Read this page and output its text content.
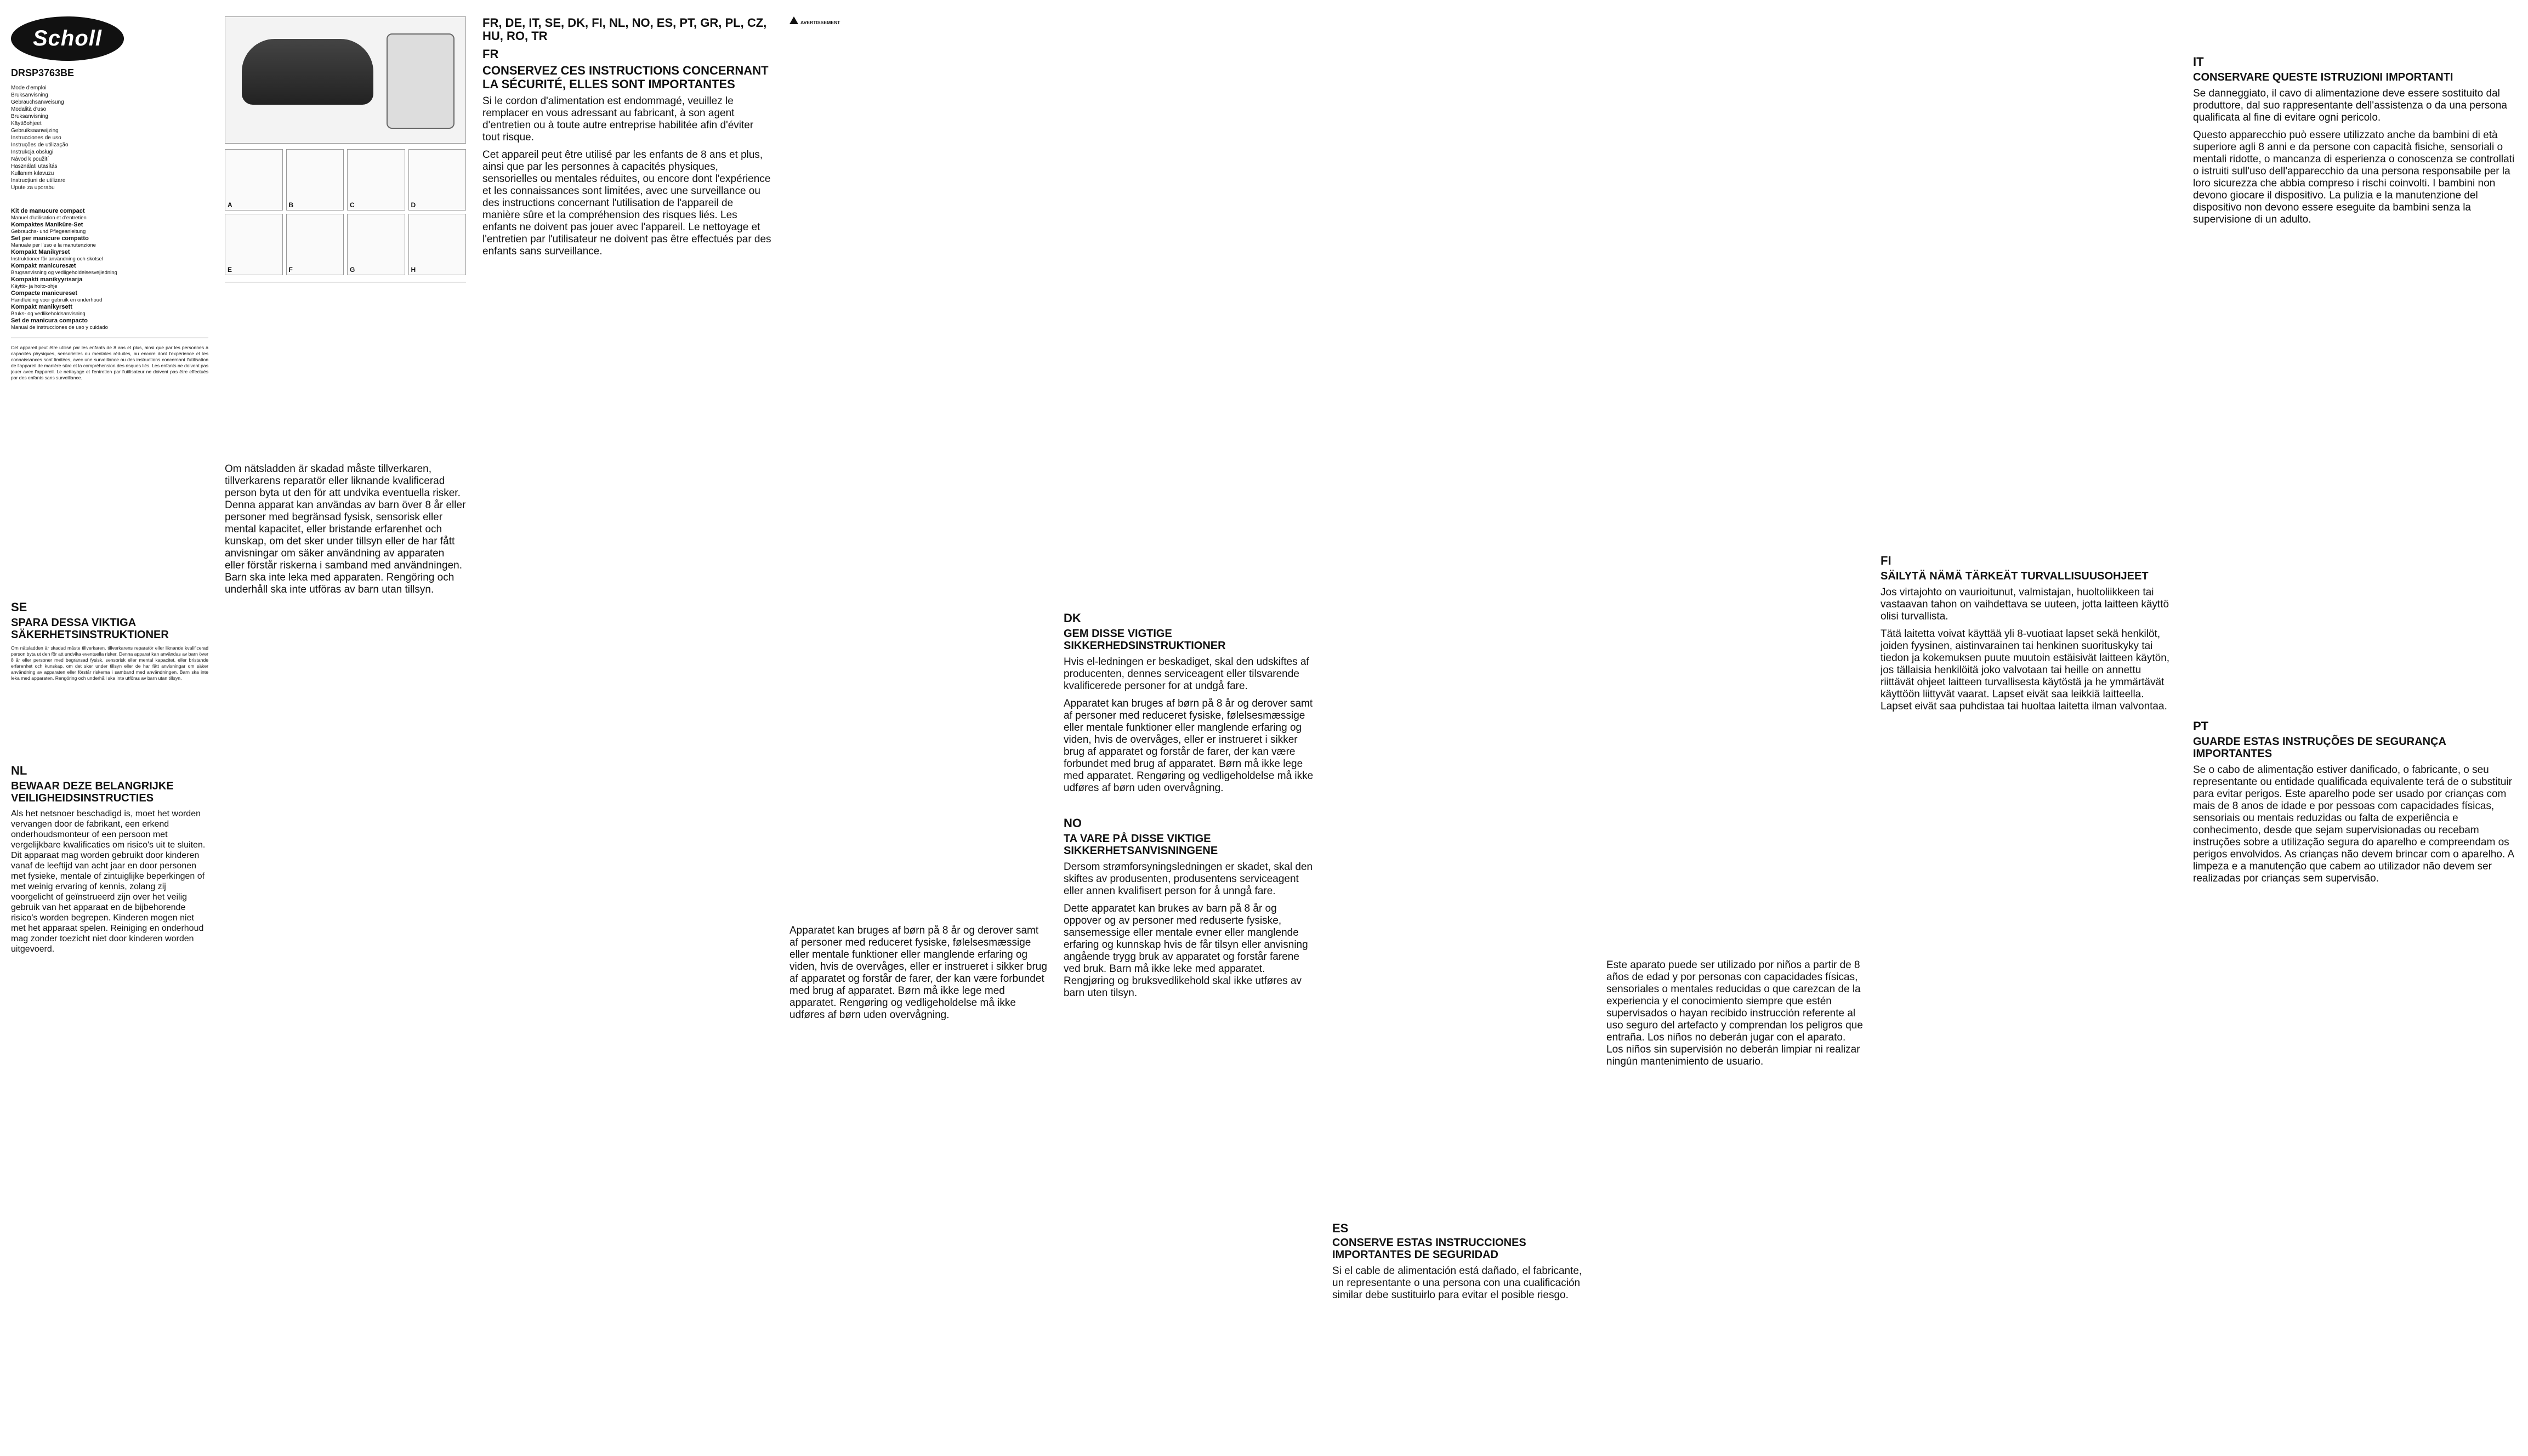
Scholl
DRSP3763BE
Mode d'emploi
Bruksanvisning
Gebrauchsanweisung
Modalità d'uso
Bruksanvisning
Käyttöohjeet
Gebruiksaanwijzing
Instrucciones de uso
Instruções de utilização
Instrukcja obsługi
Návod k použití
Használati utasítás
Kullanım kılavuzu
Instrucțiuni de utilizare
Upute za uporabu
Kit de manucure compact
Manuel d'utilisation et d'entretien
Kompaktes Maniküre-Set
Gebrauchs- und Pflegeanleitung
Set per manicure compatto
Manuale per l'uso e la manutenzione
Kompakt Manikyrset
Instruktioner för användning och skötsel
Kompakt manicuresæt
Brugsanvisning og vedligeholdelsesvejledning
Kompakti manikyyrisarja
Käyttö- ja hoito-ohje
Compacte manicureset
Handleiding voor gebruik en onderhoud
Kompakt manikyrsett
Bruks- og vedlikeholdsanvisning
Set de manicura compacto
Manual de instrucciones de uso y cuidado
Cet appareil peut être utilisé par les enfants de 8 ans et plus, ainsi que par les personnes à capacités physiques, sensorielles ou mentales réduites, ou encore dont l'expérience et les connaissances sont limitées, avec une surveillance ou des instructions concernant l'utilisation de l'appareil de manière sûre et la compréhension des risques liés. Les enfants ne doivent pas jouer avec l'appareil. Le nettoyage et l'entretien par l'utilisateur ne doivent pas être effectués par des enfants sans surveillance.
SE
SPARA DESSA VIKTIGA SÄKERHETSINSTRUKTIONER
Om nätsladden är skadad måste tillverkaren, tillverkarens reparatör eller liknande kvalificerad person byta ut den för att undvika eventuella risker. Denna apparat kan användas av barn över 8 år eller personer med begränsad fysisk, sensorisk eller mental kapacitet, eller bristande erfarenhet och kunskap, om det sker under tillsyn eller de har fått anvisningar om säker användning av apparaten eller förstår riskerna i samband med användningen. Barn ska inte leka med apparaten. Rengöring och underhåll ska inte utföras av barn utan tillsyn.
NL
BEWAAR DEZE BELANGRIJKE VEILIGHEIDSINSTRUCTIES
Als het netsnoer beschadigd is, moet het worden vervangen door de fabrikant, een erkend onderhoudsmonteur of een persoon met vergelijkbare kwalificaties om risico's uit te sluiten. Dit apparaat mag worden gebruikt door kinderen vanaf de leeftijd van acht jaar en door personen met fysieke, mentale of zintuiglijke beperkingen of met weinig ervaring of kennis, zolang zij voorgelicht of geïnstrueerd zijn over het veilig gebruik van het apparaat en de bijbehorende risico's worden begrepen. Kinderen mogen niet met het apparaat spelen. Reiniging en onderhoud mag zonder toezicht niet door kinderen worden uitgevoerd.
A	B	C	D
E	F	G	H
Om nätsladden är skadad måste tillverkaren, tillverkarens reparatör eller liknande kvalificerad person byta ut den för att undvika eventuella risker. Denna apparat kan användas av barn över 8 år eller personer med begränsad fysisk, sensorisk eller mental kapacitet, eller bristande erfarenhet och kunskap, om det sker under tillsyn eller de har fått anvisningar om säker användning av apparaten eller förstår riskerna i samband med användningen. Barn ska inte leka med apparaten. Rengöring och underhåll ska inte utföras av barn utan tillsyn.
FR, DE, IT, SE, DK, FI, NL, NO, ES, PT, GR, PL, CZ, HU, RO, TR
FR
CONSERVEZ CES INSTRUCTIONS CONCERNANT LA SÉCURITÉ, ELLES SONT IMPORTANTES
Si le cordon d'alimentation est endommagé, veuillez le remplacer en vous adressant au fabricant, à son agent d'entretien ou à toute autre entreprise habilitée afin d'éviter tout risque.
Cet appareil peut être utilisé par les enfants de 8 ans et plus, ainsi que par les personnes à capacités physiques, sensorielles ou mentales réduites, ou encore dont l'expérience et les connaissances sont limitées, avec une surveillance ou des instructions concernant l'utilisation de l'appareil de manière sûre et la compréhension des risques liés. Les enfants ne doivent pas jouer avec l'appareil. Le nettoyage et l'entretien par l'utilisateur ne doivent pas être effectués par des enfants sans surveillance.

AVERTISSEMENT

Apparatet kan bruges af børn på 8 år og derover samt af personer med reduceret fysiske, følelsesmæssige eller mentale funktioner eller manglende erfaring og viden, hvis de overvåges, eller er instrueret i sikker brug af apparatet og forstår de farer, der kan være forbundet med brug af apparatet. Børn må ikke lege med apparatet. Rengøring og vedligeholdelse må ikke udføres af børn uden overvågning.
DK
GEM DISSE VIGTIGE SIKKERHEDSINSTRUKTIONER
Hvis el-ledningen er beskadiget, skal den udskiftes af producenten, dennes serviceagent eller tilsvarende kvalificerede personer for at undgå fare.
Apparatet kan bruges af børn på 8 år og derover samt af personer med reduceret fysiske, følelsesmæssige eller mentale funktioner eller manglende erfaring og viden, hvis de overvåges, eller er instrueret i sikker brug af apparatet og forstår de farer, der kan være forbundet med brug af apparatet. Børn må ikke lege med apparatet. Rengøring og vedligeholdelse må ikke udføres af børn uden overvågning.
NO
TA VARE PÅ DISSE VIKTIGE SIKKERHETSANVISNINGENE
Dersom strømforsyningsledningen er skadet, skal den skiftes av produsenten, produsentens serviceagent eller annen kvalifisert person for å unngå fare.
Dette apparatet kan brukes av barn på 8 år og oppover og av personer med reduserte fysiske, sansemessige eller mentale evner eller manglende erfaring og kunnskap hvis de får tilsyn eller anvisning angående trygg bruk av apparatet og forstår farene ved bruk. Barn må ikke leke med apparatet. Rengjøring og bruksvedlikehold skal ikke utføres av barn uten tilsyn.
ES
CONSERVE ESTAS INSTRUCCIONES IMPORTANTES DE SEGURIDAD
Si el cable de alimentación está dañado, el fabricante, un representante o una persona con una cualificación similar debe sustituirlo para evitar el posible riesgo.
Este aparato puede ser utilizado por niños a partir de 8 años de edad y por personas con capacidades físicas, sensoriales o mentales reducidas o que carezcan de la experiencia y el conocimiento siempre que estén supervisados o hayan recibido instrucción referente al uso seguro del artefacto y comprendan los peligros que entraña. Los niños no deberán jugar con el aparato. Los niños sin supervisión no deberán limpiar ni realizar ningún mantenimiento de usuario.
FI
SÄILYTÄ NÄMÄ TÄRKEÄT TURVALLISUUSOHJEET
Jos virtajohto on vaurioitunut, valmistajan, huoltoliikkeen tai vastaavan tahon on vaihdettava se uuteen, jotta laitteen käyttö olisi turvallista.
Tätä laitetta voivat käyttää yli 8-vuotiaat lapset sekä henkilöt, joiden fyysinen, aistinvarainen tai henkinen suorituskyky tai tiedon ja kokemuksen puute muutoin estäisivät laitteen käytön, jos tällaisia henkilöitä joko valvotaan tai heille on annettu riittävät ohjeet laitteen turvallisesta käytöstä ja he ymmärtävät käyttöön liittyvät vaarat. Lapset eivät saa leikkiä laitteella. Lapset eivät saa puhdistaa tai huoltaa laitetta ilman valvontaa.
IT
CONSERVARE QUESTE ISTRUZIONI IMPORTANTI
Se danneggiato, il cavo di alimentazione deve essere sostituito dal produttore, dal suo rappresentante dell'assistenza o da una persona qualificata al fine di evitare ogni pericolo.
Questo apparecchio può essere utilizzato anche da bambini di età superiore agli 8 anni e da persone con capacità fisiche, sensoriali o mentali ridotte, o mancanza di esperienza o conoscenza se controllati o istruiti sull'uso dell'apparecchio da una persona responsabile per la loro sicurezza che abbia compreso i rischi coinvolti. I bambini non devono giocare il dispositivo. La pulizia e la manutenzione del dispositivo non devono essere eseguite da bambini senza la supervisione di un adulto.
PT
GUARDE ESTAS INSTRUÇÕES DE SEGURANÇA IMPORTANTES
Se o cabo de alimentação estiver danificado, o fabricante, o seu representante ou entidade qualificada equivalente terá de o substituir para evitar perigos. Este aparelho pode ser usado por crianças com mais de 8 anos de idade e por pessoas com capacidades físicas, sensoriais ou mentais reduzidas ou falta de experiência e conhecimento, desde que sejam supervisionadas ou recebam instruções sobre a utilização segura do aparelho e compreendam os perigos envolvidos. As crianças não devem brincar com o aparelho. A limpeza e a manutenção que cabem ao utilizador não devem ser realizadas por crianças sem supervisão.
